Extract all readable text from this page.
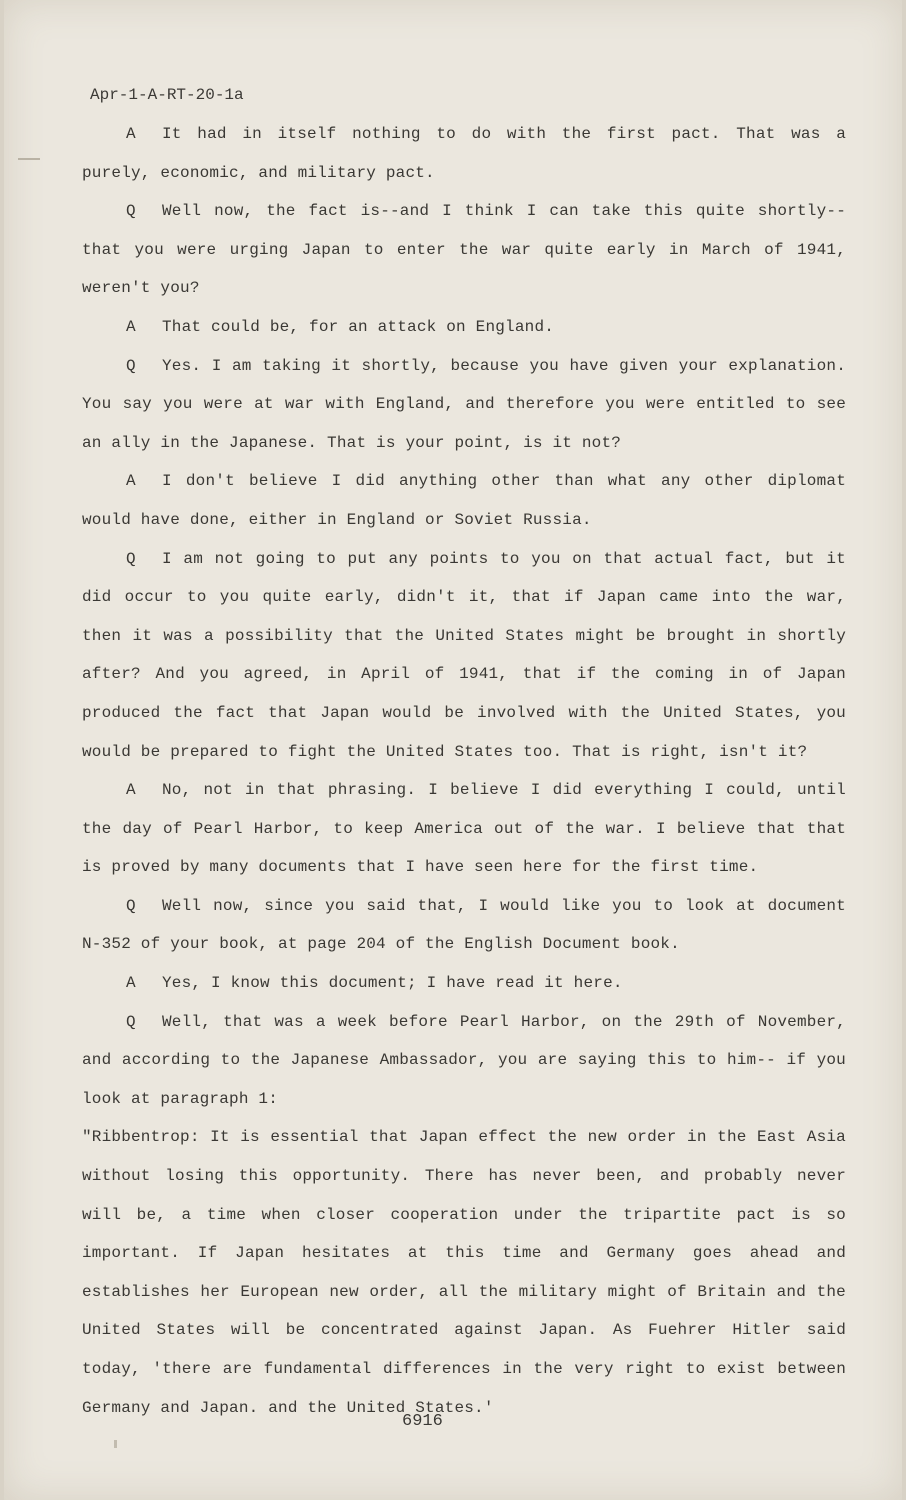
Apr-1-A-RT-20-1a

A It had in itself nothing to do with the first pact. That was a purely, economic, and military pact.

Q Well now, the fact is--and I think I can take this quite shortly--that you were urging Japan to enter the war quite early in March of 1941, weren't you?

A That could be, for an attack on England.

Q Yes. I am taking it shortly, because you have given your explanation. You say you were at war with England, and therefore you were entitled to see an ally in the Japanese. That is your point, is it not?

A I don't believe I did anything other than what any other diplomat would have done, either in England or Soviet Russia.

Q I am not going to put any points to you on that actual fact, but it did occur to you quite early, didn't it, that if Japan came into the war, then it was a possibility that the United States might be brought in shortly after? And you agreed, in April of 1941, that if the coming in of Japan produced the fact that Japan would be involved with the United States, you would be prepared to fight the United States too. That is right, isn't it?

A No, not in that phrasing. I believe I did everything I could, until the day of Pearl Harbor, to keep America out of the war. I believe that that is proved by many documents that I have seen here for the first time.

Q Well now, since you said that, I would like you to look at document N-352 of your book, at page 204 of the English Document book.

A Yes, I know this document; I have read it here.

Q Well, that was a week before Pearl Harbor, on the 29th of November, and according to the Japanese Ambassador, you are saying this to him-- if you look at paragraph 1:

"Ribbentrop: It is essential that Japan effect the new order in the East Asia without losing this opportunity. There has never been, and probably never will be, a time when closer cooperation under the tripartite pact is so important. If Japan hesitates at this time and Germany goes ahead and establishes her European new order, all the military might of Britain and the United States will be concentrated against Japan. As Fuehrer Hitler said today, 'there are fundamental differences in the very right to exist between Germany and Japan. and the United States.'

6916
